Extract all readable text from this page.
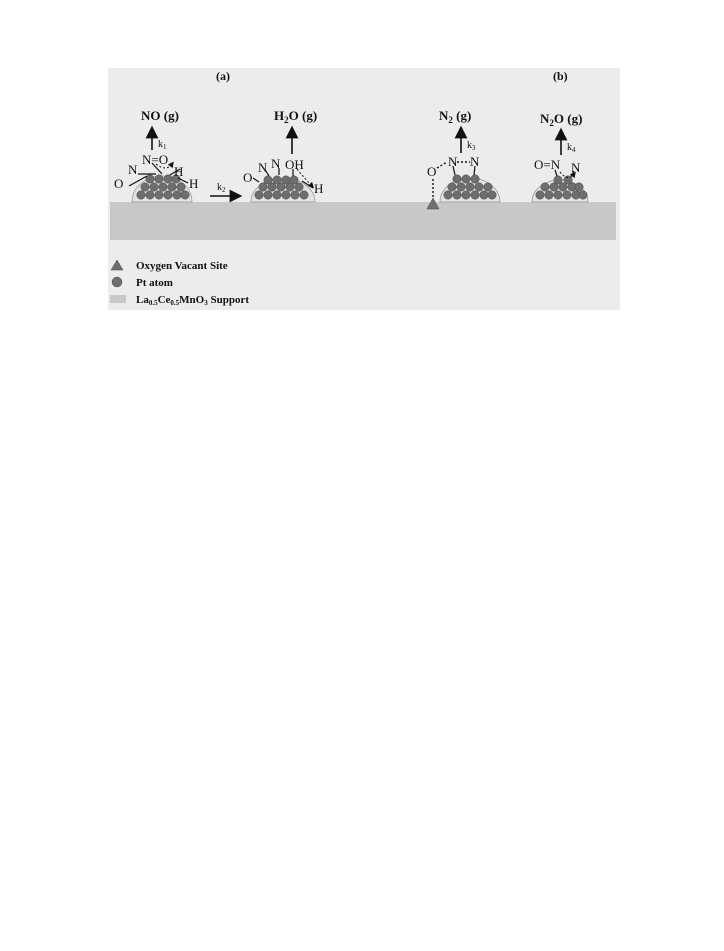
(a)	(b)
O
N
N=O
H
H
$k_1$
NO (g)
$k_2$
O
N N OH
H
$H_2O$ (g)
O
N N
$k_3$
$N_2$ (g)
O=N N
$k_4$
$N_2O$ (g)
Oxygen Vacant Site
Pt atom
La0.5Ce0.5MnO3 Support
